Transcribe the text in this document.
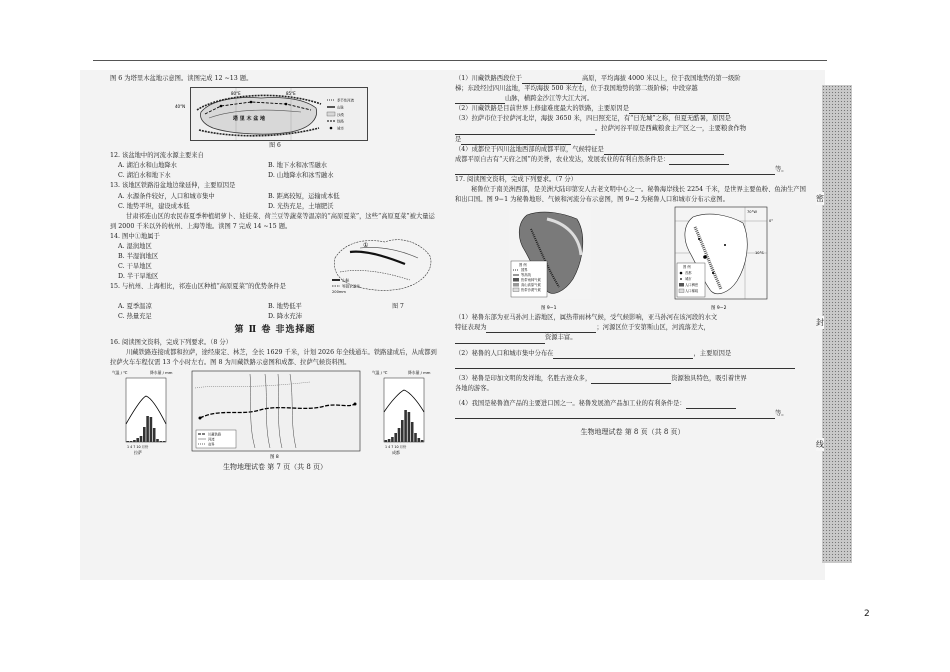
图 6 为塔里木盆地示意图。读图完成 12 ~13 题。
80°E	85°E
40°N
塔 里 木 盆 地
季节性河流
山脉
沙漠
铁路
城市
图 6
12. 该盆地中的河流水源主要来自
A. 湖泊水和山地降水	B. 地下水和冰雪融水
C. 湖泊水和地下水	D. 山地降水和冰雪融水
13. 该地区铁路沿盆地边缘延伸，主要原因是
A. 水源条件较好，人口和城市集中	B. 距离较短，运输成本低
C. 地势平坦，建设成本低	D. 光热充足，土壤肥沃
甘肃祁连山区的农民春夏季种植胡萝卜、娃娃菜、荷兰豆等蔬菜等温凉的“高原夏菜”，这些“高原夏菜”被大量运到 2000 千米以外的杭州、上海等地。读图 7 完成 14 ~15 题。
14. 图中①地属于
A. 湿润地区
B. 半湿润地区
C. 干旱地区
D. 半干旱地区
15. 与杭州、上海相比，祁连山区种植“高原夏菜”的优势条件是
①
山脉
等降水量线
200mm
A. 夏季温凉	B. 地势低平	图 7
C. 热量充足	D. 降水充沛
第 Ⅱ 卷 非选择题
16. 阅读图文资料，完成下列要求。（8 分）
川藏铁路连接成都和拉萨，途经康定、林芝，全长 1629 千米，计划 2026 年全线通车。铁路建成后，从成都到拉萨火车车程仅需 13 个小时左右。图 8 为川藏铁路示意图和成都、拉萨气候资料图。
气温 / ℃	降水量 / mm
1 4 7 10 月份
拉萨
川藏铁路
河流
省界
图 8
气温 / ℃	降水量 / mm
1 4 7 10 月份
成都
生物地理试卷 第 7 页（共 8 页）
（1）川藏铁路西段位于	高原，平均海拔 4000 米以上，位于我国地势的第一级阶
梯；东段经过四川盆地，平均海拔 500 米左右，位于我国地势的第二级阶梯；中段穿越
山脉，横跨金沙江等大江大河。
（2）川藏铁路是目前世界上修建难度最大的铁路，主要原因是
（3）拉萨市位于拉萨河北岸，海拔 3650 米，四日照充足，有“日光城”之称，但夏无酷暑，原因是
。拉萨河谷平原是西藏粮食主产区之一，主要粮食作物
是
（4）成都位于四川盆地西部的成都平原，气候特征是
成都平原自古有“天府之国”的美誉，农业发达，发展农业的有利自然条件是：
等。
17. 阅读图文资料，完成下列要求。（7 分）
秘鲁位于南美洲西部，是美洲大陆印第安人古老文明中心之一。秘鲁海岸线长 2254 千米，是世界主要鱼粉、鱼油生产国和出口国。图 9−1 为秘鲁地形、气候和河流分布示意图，图 9−2 为秘鲁人口和城市分布示意图。
图 例
国界
等高线
热带雨林气候
高山高原气候
热带沙漠气候
图 9−1
0°
10°S
70°W
图 例
首都
城市
人口稠密
人口稀疏
图 9−2
（1）秘鲁东部为亚马孙河上游地区，属热带雨林气候，受气候影响，亚马孙河在该河段的水文
特征表现为	；河源区位于安第斯山区，河流落差大，
资源丰富。
（2）秘鲁的人口和城市集中分布在	，主要原因是
（3）秘鲁是印加文明的发祥地，名胜古迹众多，	资源独具特色，吸引着世界
各地的游客。
（4）我国是秘鲁渔产品的主要进口国之一。秘鲁发展渔产品加工业的有利条件是：
等。
生物地理试卷 第 8 页（共 8 页）
密
封
线
2
